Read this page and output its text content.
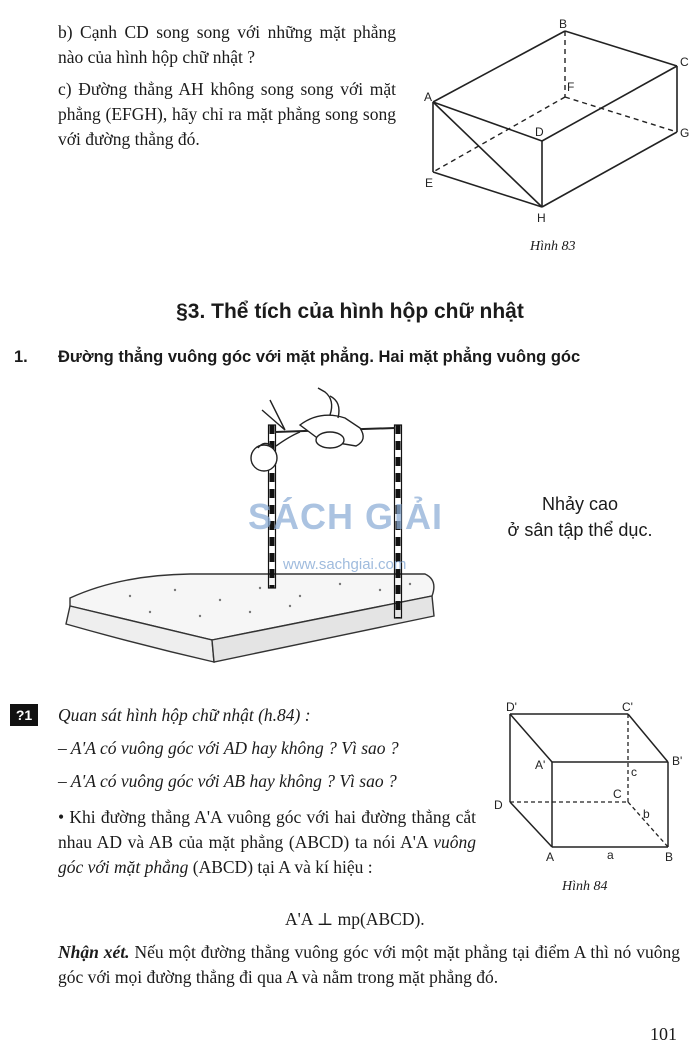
b) Cạnh CD song song với những mặt phẳng nào của hình hộp chữ nhật ?
c) Đường thẳng AH không song song với mặt phẳng (EFGH), hãy chỉ ra mặt phẳng song song với đường thẳng đó.
B
C
A
F
D	G
E
H
Hình 83
§3. Thể tích của hình hộp chữ nhật
1. Đường thẳng vuông góc với mặt phẳng. Hai mặt phẳng vuông góc
SÁCH GIẢI
www.sachgiai.com
Nhảy cao
ở sân tập thể dục.
?1	Quan sát hình hộp chữ nhật (h.84) :
– A'A có vuông góc với AD hay không ? Vì sao ?
– A'A có vuông góc với AB hay không ? Vì sao ?
• Khi đường thẳng A'A vuông góc với hai đường thẳng cắt nhau AD và AB của mặt phẳng (ABCD) ta nói A'A vuông góc với mặt phẳng (ABCD) tại A và kí hiệu :
A'A ⊥ mp(ABCD).
D'	C'
A'	B'
c
C
D
b
A	a	B
Hình 84
Nhận xét. Nếu một đường thẳng vuông góc với một mặt phẳng tại điểm A thì nó vuông góc với mọi đường thẳng đi qua A và nằm trong mặt phẳng đó.
101
